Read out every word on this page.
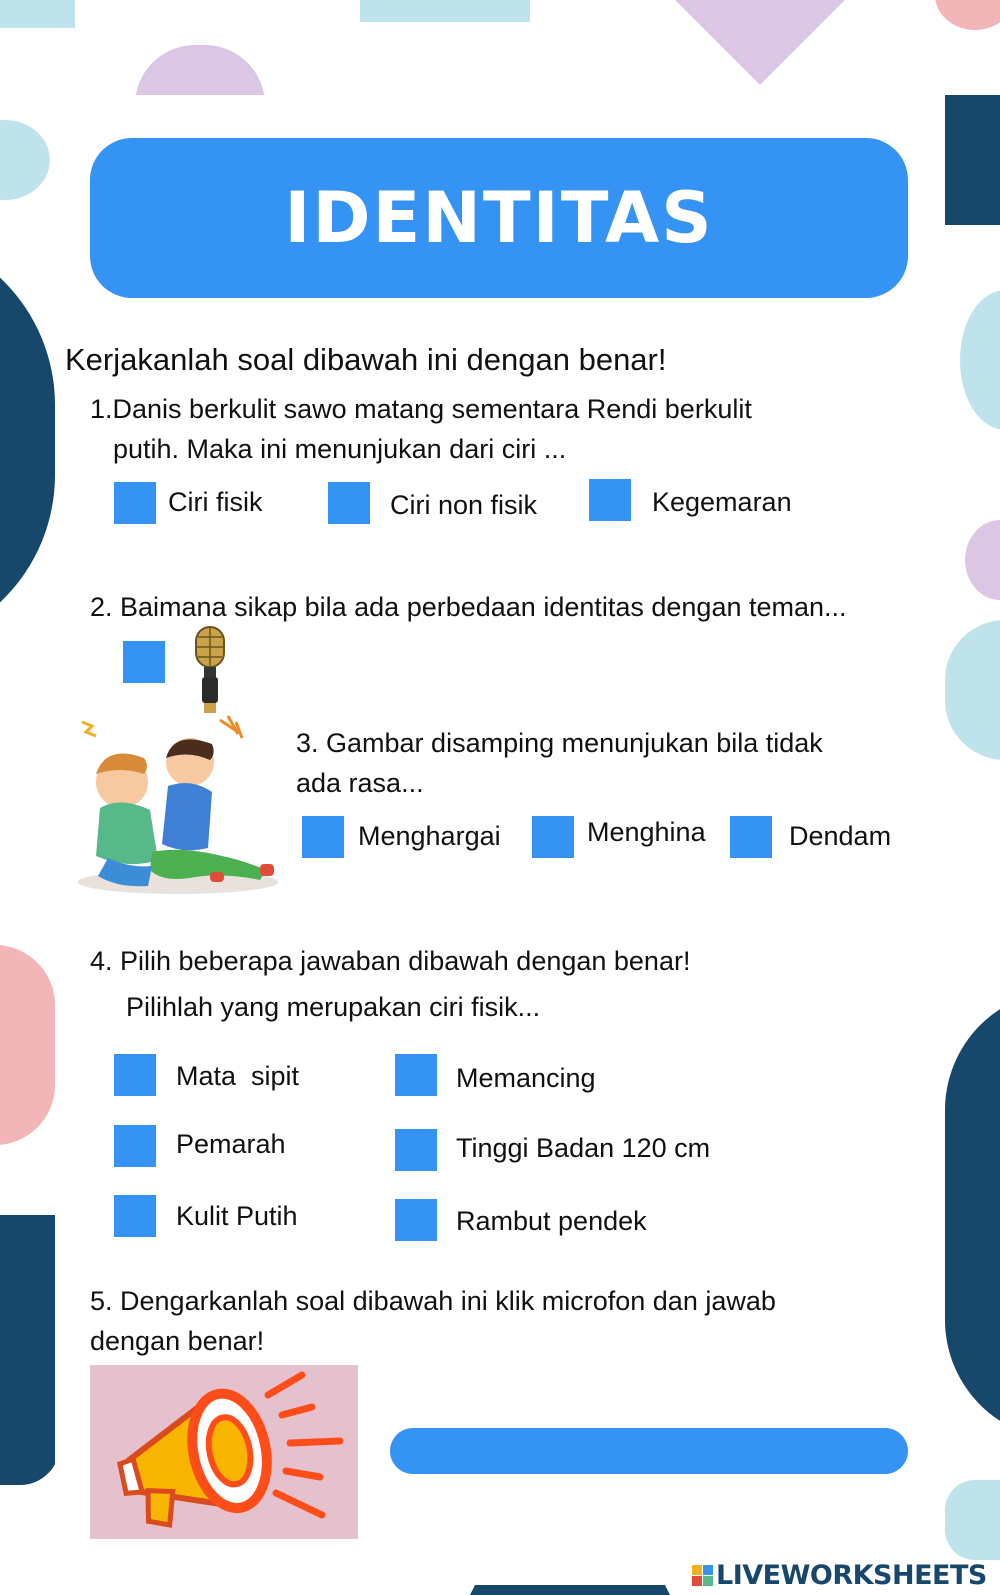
IDENTITAS
Kerjakanlah soal dibawah ini dengan benar!
1.Danis berkulit sawo matang sementara Rendi berkulit
putih. Maka ini menunjukan dari ciri ...
Ciri fisik	Ciri non fisik	Kegemaran
2. Baimana sikap bila ada perbedaan identitas dengan teman...
3. Gambar disamping menunjukan bila tidak
ada rasa...
Menghargai	Menghina	Dendam
4. Pilih beberapa jawaban dibawah dengan benar!
Pilihlah yang merupakan ciri fisik...
Mata  sipit	Memancing
Pemarah	Tinggi Badan 120 cm
Kulit Putih	Rambut pendek
5. Dengarkanlah soal dibawah ini klik microfon dan jawab
dengan benar!
LIVEWORKSHEETS
